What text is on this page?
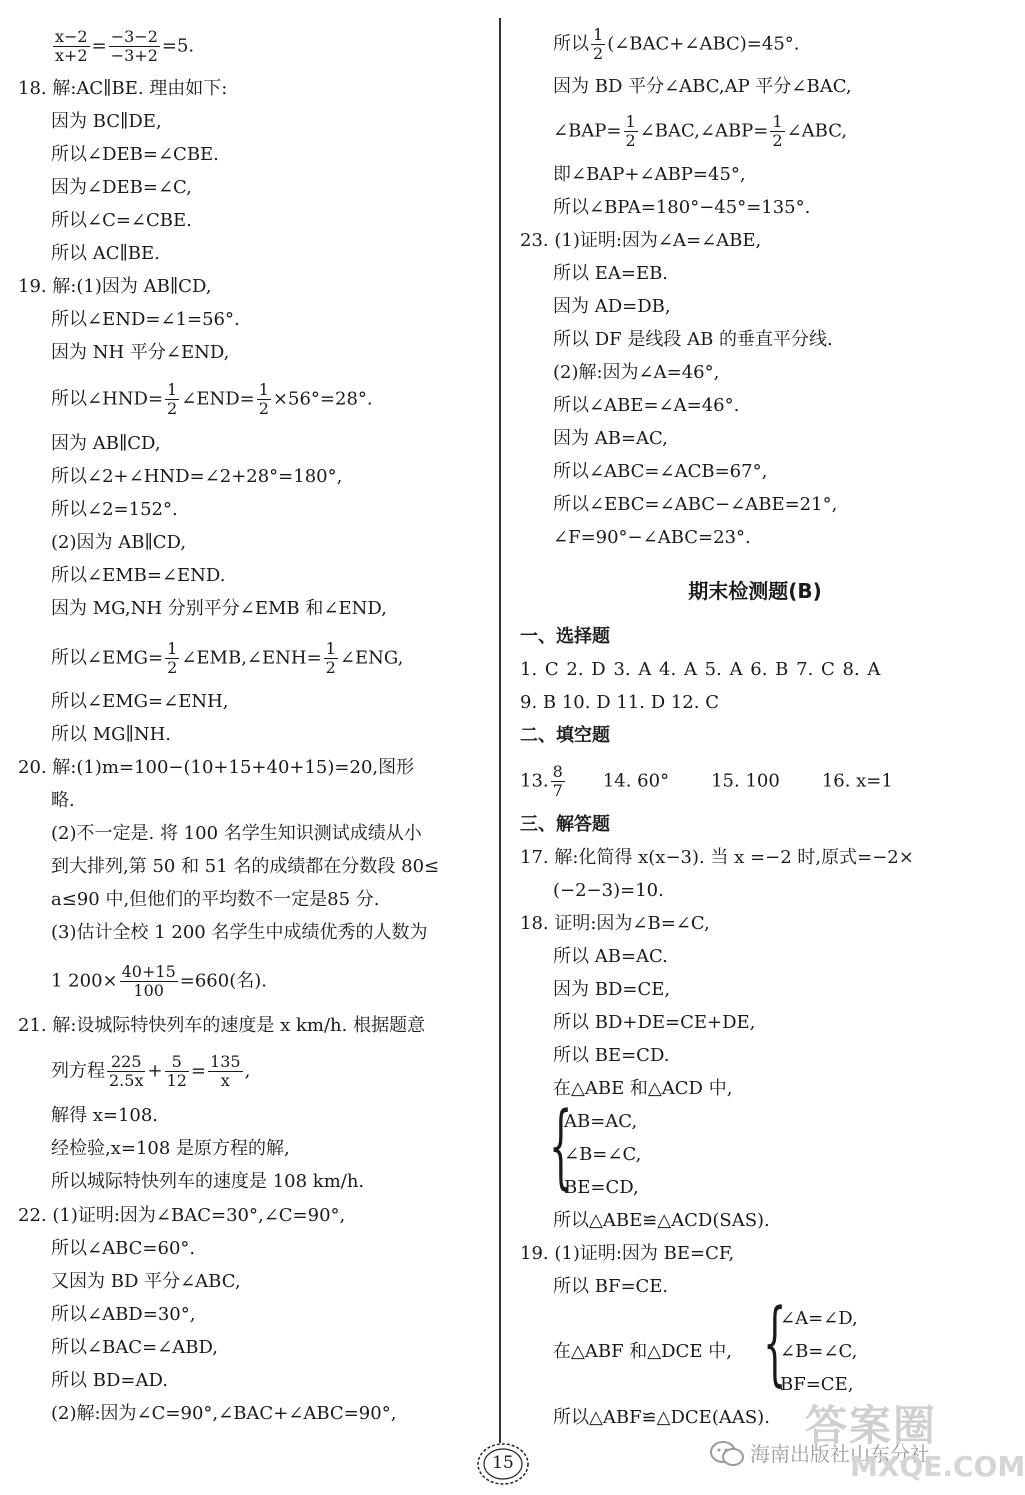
$\frac{x-2}{x+2} = \frac{-3-2}{-3+2} =5$.
18. 解:AC∥BE. 理由如下:
因为 BC∥DE,
所以∠DEB=∠CBE.
因为∠DEB=∠C,
所以∠C=∠CBE.
所以 AC∥BE.
19. 解:(1)因为 AB∥CD,
所以∠END=∠1=56°.
因为 NH 平分∠END,
所以∠HND= $\frac{1}{2}$ ∠END= $\frac{1}{2} \times 56^\circ=28^\circ$.
因为 AB∥CD,
所以∠2+∠HND=∠2+28°=180°,
所以∠2=152°.
(2)因为 AB∥CD,
所以∠EMB=∠END.
因为 MG,NH 分别平分∠EMB 和∠END,
所以∠EMG= $\frac{1}{2}$ ∠EMB,∠ENH= $\frac{1}{2}$ ∠ENG,
所以∠EMG=∠ENH,
所以 MG∥NH.
20. 解:(1)m=100−(10+15+40+15)=20,图形
略.
(2)不一定是. 将 100 名学生知识测试成绩从小
到大排列,第 50 和 51 名的成绩都在分数段 80≤
a≤90 中,但他们的平均数不一定是85 分.
(3)估计全校 1 200 名学生中成绩优秀的人数为
1 $200\times \frac{40+15}{100} =660$(名).
21. 解:设城际特快列车的速度是 x km/h. 根据题意
列方程 $\frac{225}{2.5x} + \frac{5}{12} = \frac{135}{x}$ ,
解得 x=108.
经检验,x=108 是原方程的解,
所以城际特快列车的速度是 108 km/h.
22. (1)证明:因为∠BAC=30°,∠C=90°,
所以∠ABC=60°.
又因为 BD 平分∠ABC,
所以∠ABD=30°,
所以∠BAC=∠ABD,
所以 BD=AD.
(2)解:因为∠C=90°,∠BAC+∠ABC=90°,
所以 $\frac{1}{2}$ (∠BAC+∠ABC)=45°.
因为 BD 平分∠ABC,AP 平分∠BAC,
∠BAP= $\frac{1}{2}$ ∠BAC,∠ABP= $\frac{1}{2}$ ∠ABC,
即∠BAP+∠ABP=45°,
所以∠BPA=180°−45°=135°.
23. (1)证明:因为∠A=∠ABE,
所以 EA=EB.
因为 AD=DB,
所以 DF 是线段 AB 的垂直平分线.
(2)解:因为∠A=46°,
所以∠ABE=∠A=46°.
因为 AB=AC,
所以∠ABC=∠ACB=67°,
所以∠EBC=∠ABC−∠ABE=21°,
∠F=90°−∠ABC=23°.
期末检测题(B)
一、选择题
1. C 2. D 3. A 4. A 5. A 6. B 7. C 8. A
9. B 10. D 11. D 12. C
二、填空题
13. $\frac{8}{7} 14$. 60° 15. 100 16. x=1
三、解答题
17. 解:化简得 x(x−3). 当 x =−2 时,原式=−2×
(−2−3)=10.
18. 证明:因为∠B=∠C,
所以 AB=AC.
因为 BD=CE,
所以 BD+DE=CE+DE,
所以 BE=CD.
在△ABE 和△ACD 中,
{
AB=AC,
∠B=∠C,
BE=CD,
所以△ABE≌△ACD(SAS).
19. (1)证明:因为 BE=CF,
所以 BF=CE.
在△ABF 和△DCE 中, {
∠A=∠D,
∠B=∠C,
BF=CE,
所以△ABF≌△DCE(AAS).
15
答案圈
海南出版社山东分社
MXQE.COM
